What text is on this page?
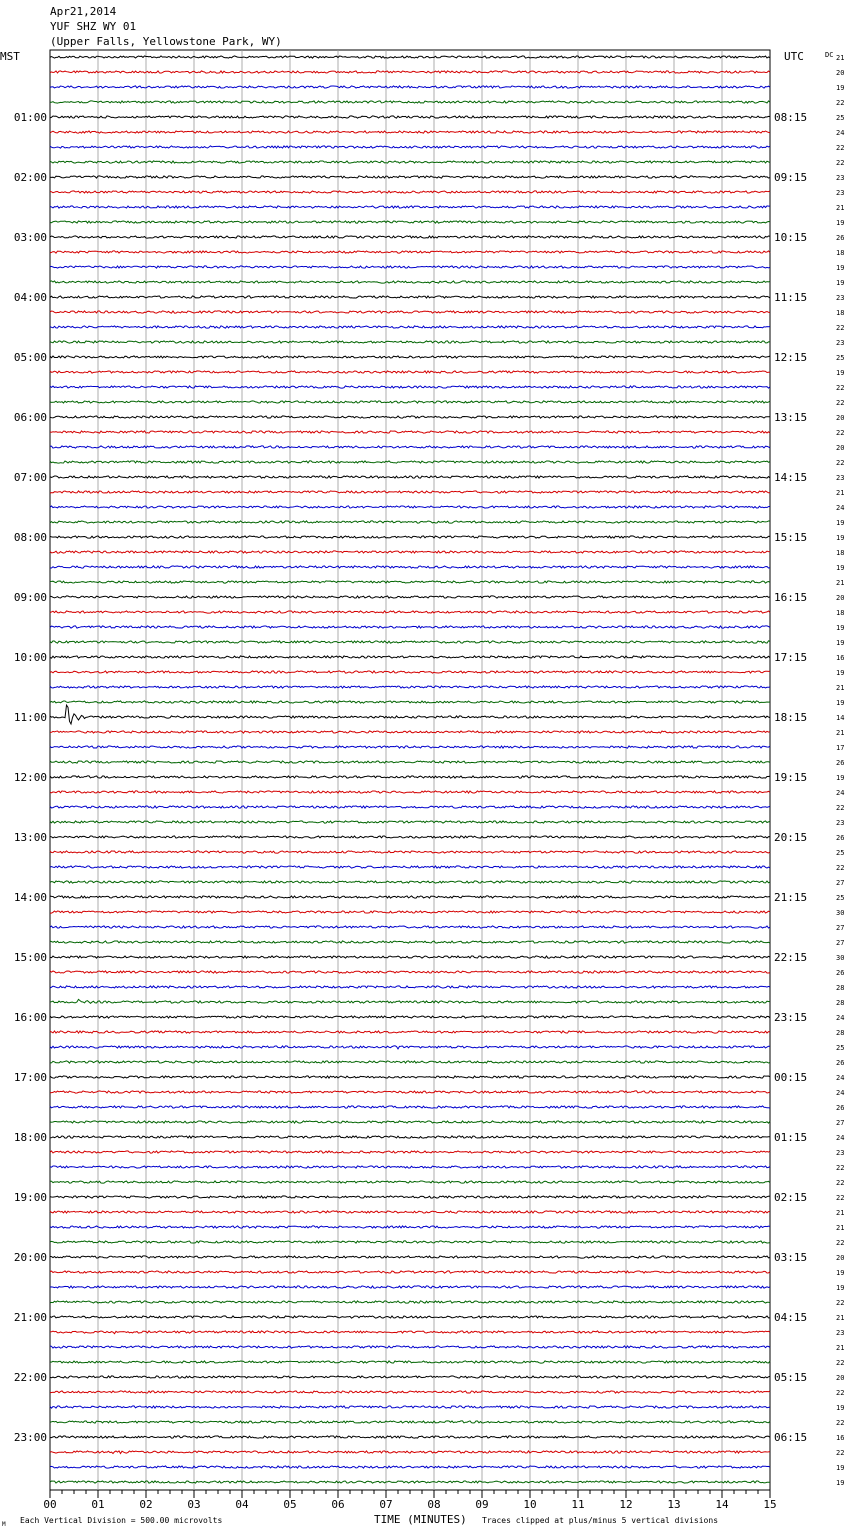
Apr21,2014
YUF SHZ WY 01
(Upper Falls, Yellowstone Park, WY)
00	01	02	03	04	05	06	07	08	09	10	11	12	13	14	15
21
20
19
22
25
01:00	08:15
24
22
22
23
02:00	09:15
23
21
19
26
03:00	10:15
18
19
19
23
04:00	11:15
18
22
23
25
05:00	12:15
19
22
22
20
06:00	13:15
22
20
22
23
07:00	14:15
21
24
19
19
08:00	15:15
18
19
21
20
09:00	16:15
18
19
19
16
10:00	17:15
19
21
19
14
11:00	18:15
21
17
26
19
12:00	19:15
24
22
23
26
13:00	20:15
25
22
27
25
14:00	21:15
30
27
27
30
15:00	22:15
26
28
28
24
16:00	23:15
28
25
26
24
17:00	00:15
24
26
27
24
18:00	01:15
23
22
22
22
19:00	02:15
21
21
22
20
20:00	03:15
19
19
22
21
21:00	04:15
23
21
22
20
22:00	05:15
22
19
22
16
23:00	06:15
22
19
19
MST	UTC	DC
M Each Vertical Division = 500.00 microvolts	TIME (MINUTES) Traces clipped at plus/minus 5 vertical divisions
